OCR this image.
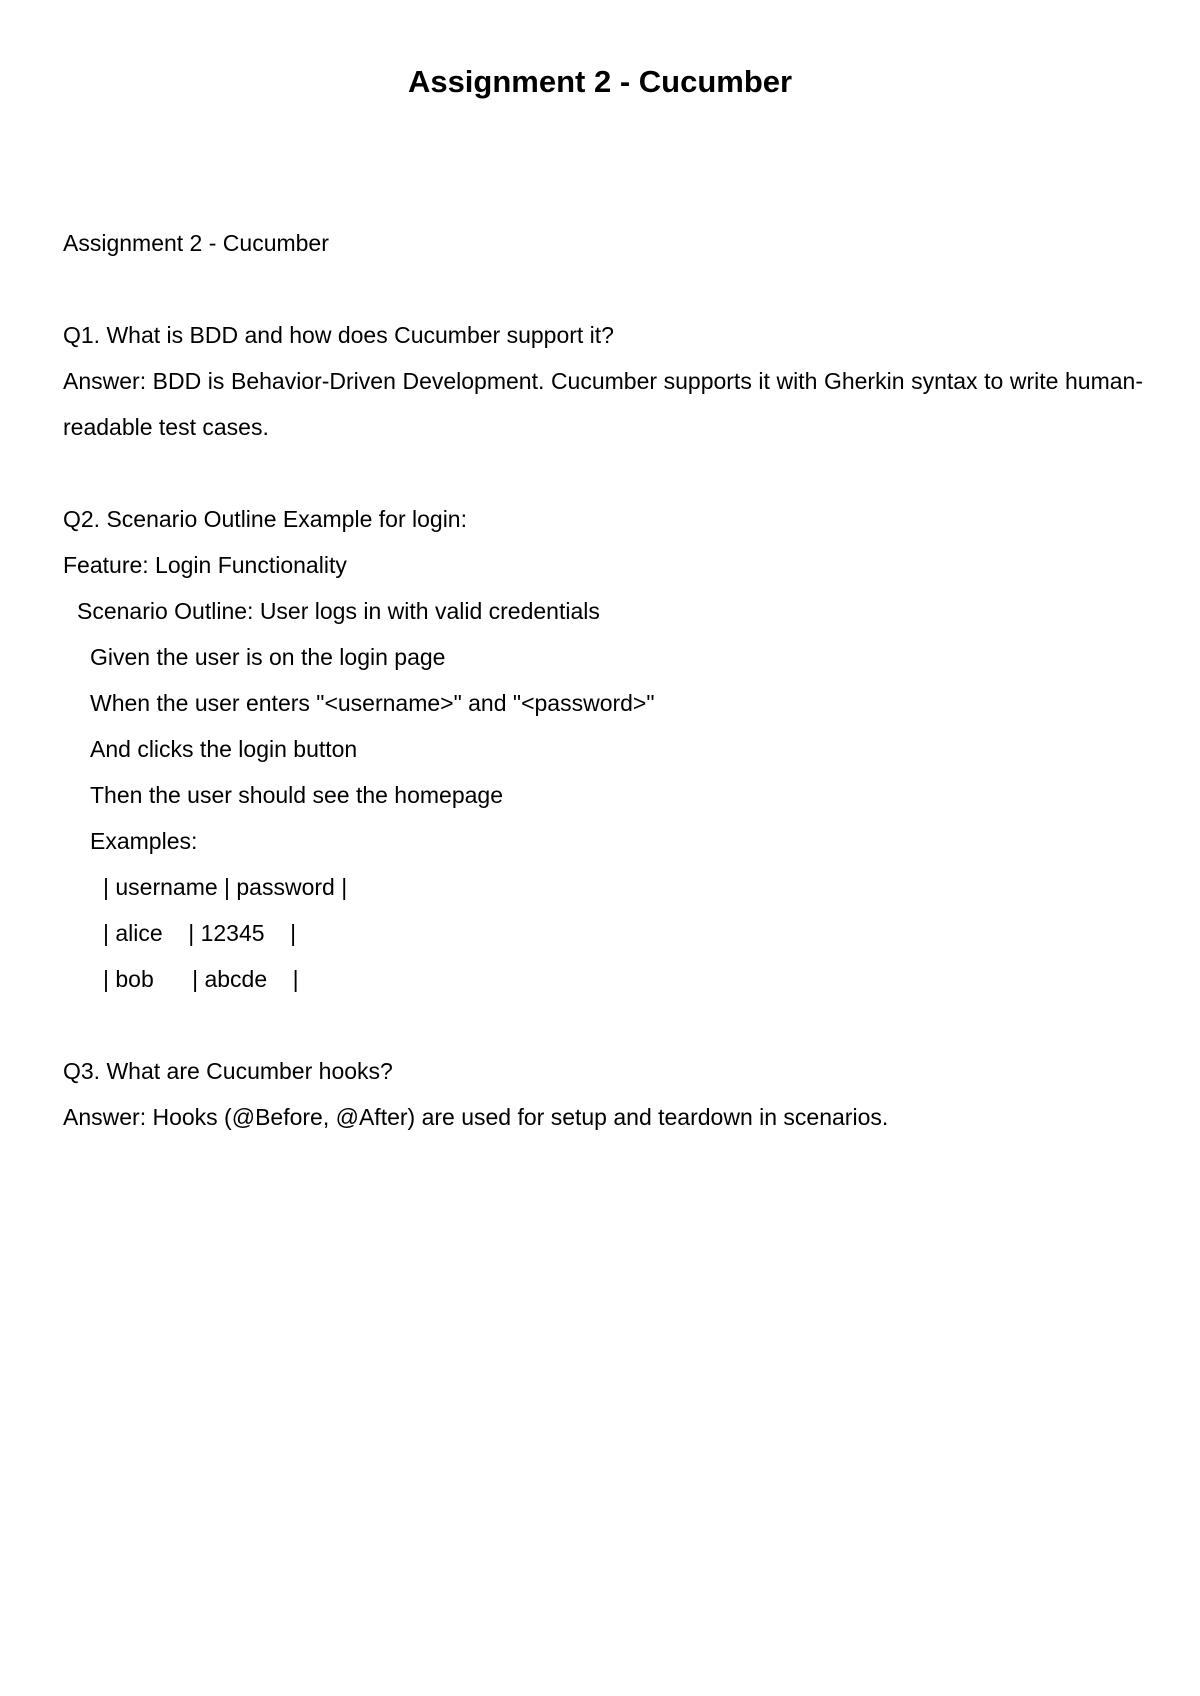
Assignment 2 - Cucumber
Assignment 2 - Cucumber
Q1. What is BDD and how does Cucumber support it?
Answer: BDD is Behavior-Driven Development. Cucumber supports it with Gherkin syntax to write human-readable test cases.
Q2. Scenario Outline Example for login:
Feature: Login Functionality
Scenario Outline: User logs in with valid credentials
Given the user is on the login page
When the user enters "<username>" and "<password>"
And clicks the login button
Then the user should see the homepage
Examples:
| username | password |
| alice    | 12345    |
| bob      | abcde    |
Q3. What are Cucumber hooks?
Answer: Hooks (@Before, @After) are used for setup and teardown in scenarios.
